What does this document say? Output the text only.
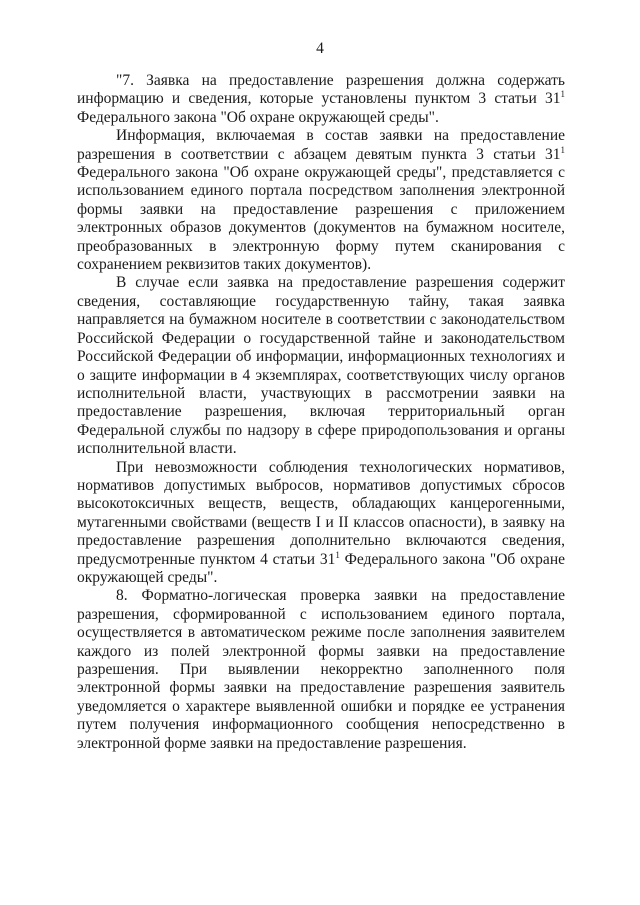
4

"7. Заявка на предоставление разрешения должна содержать информацию и сведения, которые установлены пунктом 3 статьи $31^1$ Федерального закона "Об охране окружающей среды".

Информация, включаемая в состав заявки на предоставление разрешения в соответствии с абзацем девятым пункта 3 статьи $31^1$ Федерального закона "Об охране окружающей среды", представляется с использованием единого портала посредством заполнения электронной формы заявки на предоставление разрешения с приложением электронных образов документов (документов на бумажном носителе, преобразованных в электронную форму путем сканирования с сохранением реквизитов таких документов).

В случае если заявка на предоставление разрешения содержит сведения, составляющие государственную тайну, такая заявка направляется на бумажном носителе в соответствии с законодательством Российской Федерации о государственной тайне и законодательством Российской Федерации об информации, информационных технологиях и о защите информации в 4 экземплярах, соответствующих числу органов исполнительной власти, участвующих в рассмотрении заявки на предоставление разрешения, включая территориальный орган Федеральной службы по надзору в сфере природопользования и органы исполнительной власти.

При невозможности соблюдения технологических нормативов, нормативов допустимых выбросов, нормативов допустимых сбросов высокотоксичных веществ, веществ, обладающих канцерогенными, мутагенными свойствами (веществ I и II классов опасности), в заявку на предоставление разрешения дополнительно включаются сведения, предусмотренные пунктом 4 статьи $31^1$ Федерального закона "Об охране окружающей среды".

8. Форматно-логическая проверка заявки на предоставление разрешения, сформированной с использованием единого портала, осуществляется в автоматическом режиме после заполнения заявителем каждого из полей электронной формы заявки на предоставление разрешения. При выявлении некорректно заполненного поля электронной формы заявки на предоставление разрешения заявитель уведомляется о характере выявленной ошибки и порядке ее устранения путем получения информационного сообщения непосредственно в электронной форме заявки на предоставление разрешения.
